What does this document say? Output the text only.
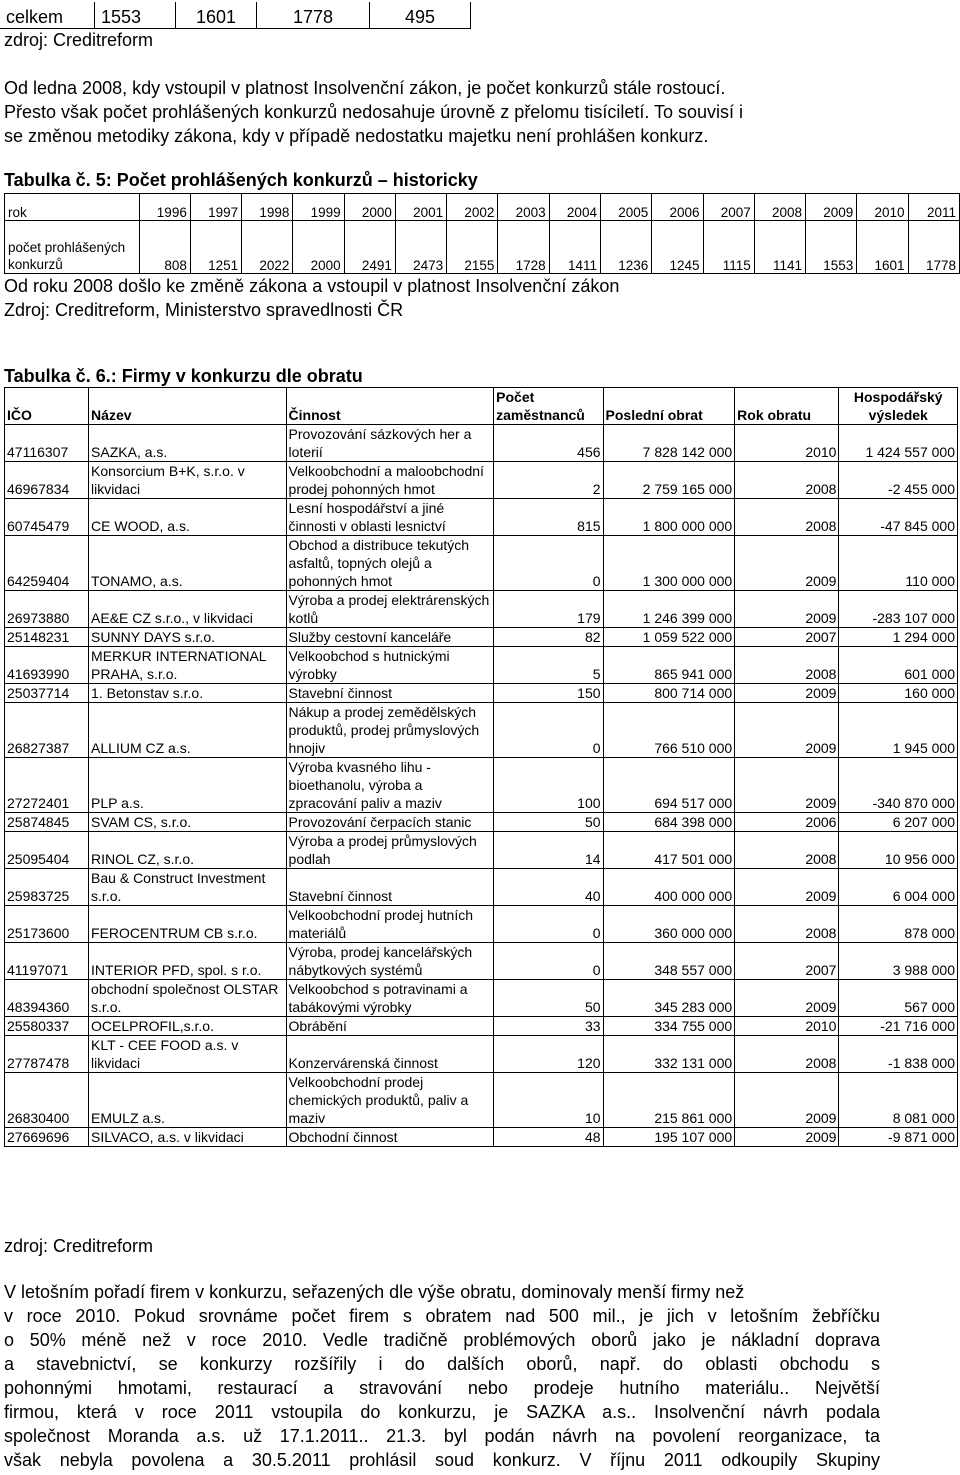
celkem	1553	1601	1778	495
zdroj: Creditreform
Od ledna 2008, kdy vstoupil v platnost Insolvenční zákon, je počet konkurzů stále rostoucí.
Přesto však počet prohlášených konkurzů nedosahuje úrovně z přelomu tisíciletí. To souvisí i
se změnou metodiky zákona, kdy v případě nedostatku majetku není prohlášen konkurz.
Tabulka č. 5: Počet prohlášených konkurzů – historicky
rok	1996	1997	1998	1999	2000	2001	2002	2003	2004	2005	2006	2007	2008	2009	2010	2011
počet prohlášených konkurzů	808	1251	2022	2000	2491	2473	2155	1728	1411	1236	1245	1115	1141	1553	1601	1778
Od roku 2008 došlo ke změně zákona a vstoupil v platnost Insolvenční zákon
Zdroj: Creditreform, Ministerstvo spravedlnosti ČR
Tabulka č. 6.: Firmy v konkurzu dle obratu
IČO	Název	Činnost	Počet zaměstnanců	Poslední obrat	Rok obratu	Hospodářský výsledek
47116307	SAZKA, a.s.	Provozování sázkových her a loterií	456	7 828 142 000	2010	1 424 557 000
46967834	Konsorcium B+K, s.r.o. v likvidaci	Velkoobchodní a maloobchodní prodej pohonných hmot	2	2 759 165 000	2008	-2 455 000
60745479	CE WOOD, a.s.	Lesní hospodářství a jiné činnosti v oblasti lesnictví	815	1 800 000 000	2008	-47 845 000
64259404	TONAMO, a.s.	Obchod a distribuce tekutých asfaltů, topných olejů a pohonných hmot	0	1 300 000 000	2009	110 000
26973880	AE&E CZ s.r.o., v likvidaci	Výroba a prodej elektrárenských kotlů	179	1 246 399 000	2009	-283 107 000
25148231	SUNNY DAYS s.r.o.	Služby cestovní kanceláře	82	1 059 522 000	2007	1 294 000
41693990	MERKUR INTERNATIONAL PRAHA, s.r.o.	Velkoobchod s hutnickými výrobky	5	865 941 000	2008	601 000
25037714	1. Betonstav s.r.o.	Stavební činnost	150	800 714 000	2009	160 000
26827387	ALLIUM CZ a.s.	Nákup a prodej zemědělských produktů, prodej průmyslových hnojiv	0	766 510 000	2009	1 945 000
27272401	PLP a.s.	Výroba kvasného lihu - bioethanolu, výroba a zpracování paliv a maziv	100	694 517 000	2009	-340 870 000
25874845	SVAM CS, s.r.o.	Provozování čerpacích stanic	50	684 398 000	2006	6 207 000
25095404	RINOL CZ, s.r.o.	Výroba a prodej průmyslových podlah	14	417 501 000	2008	10 956 000
25983725	Bau & Construct Investment s.r.o.	Stavební činnost	40	400 000 000	2009	6 004 000
25173600	FEROCENTRUM CB s.r.o.	Velkoobchodní prodej hutních materiálů	0	360 000 000	2008	878 000
41197071	INTERIOR PFD, spol. s r.o.	Výroba, prodej kancelářských nábytkových systémů	0	348 557 000	2007	3 988 000
48394360	obchodní společnost OLSTAR s.r.o.	Velkoobchod s potravinami a tabákovými výrobky	50	345 283 000	2009	567 000
25580337	OCELPROFIL,s.r.o.	Obrábění	33	334 755 000	2010	-21 716 000
27787478	KLT - CEE FOOD a.s. v likvidaci	Konzervárenská činnost	120	332 131 000	2008	-1 838 000
26830400	EMULZ a.s.	Velkoobchodní prodej chemických produktů, paliv a maziv	10	215 861 000	2009	8 081 000
27669696	SILVACO, a.s. v likvidaci	Obchodní činnost	48	195 107 000	2009	-9 871 000
zdroj: Creditreform
V letošním pořadí firem v konkurzu, seřazených dle výše obratu, dominovaly menší firmy než
v roce 2010. Pokud srovnáme počet firem s obratem nad 500 mil., je jich v letošním žebříčku
o 50% méně než v roce 2010. Vedle tradičně problémových oborů jako je nákladní doprava
a stavebnictví, se konkurzy rozšířily i do dalších oborů, např. do oblasti obchodu s
pohonnými hmotami, restaurací a stravování nebo prodeje hutního materiálu.. Největší
firmou, která v roce 2011 vstoupila do konkurzu, je SAZKA a.s.. Insolvenční návrh podala
společnost Moranda a.s. už 17.1.2011.. 21.3. byl podán návrh na povolení reorganizace, ta
však nebyla povolena a 30.5.2011 prohlásil soud konkurz. V říjnu 2011 odkoupily Skupiny
